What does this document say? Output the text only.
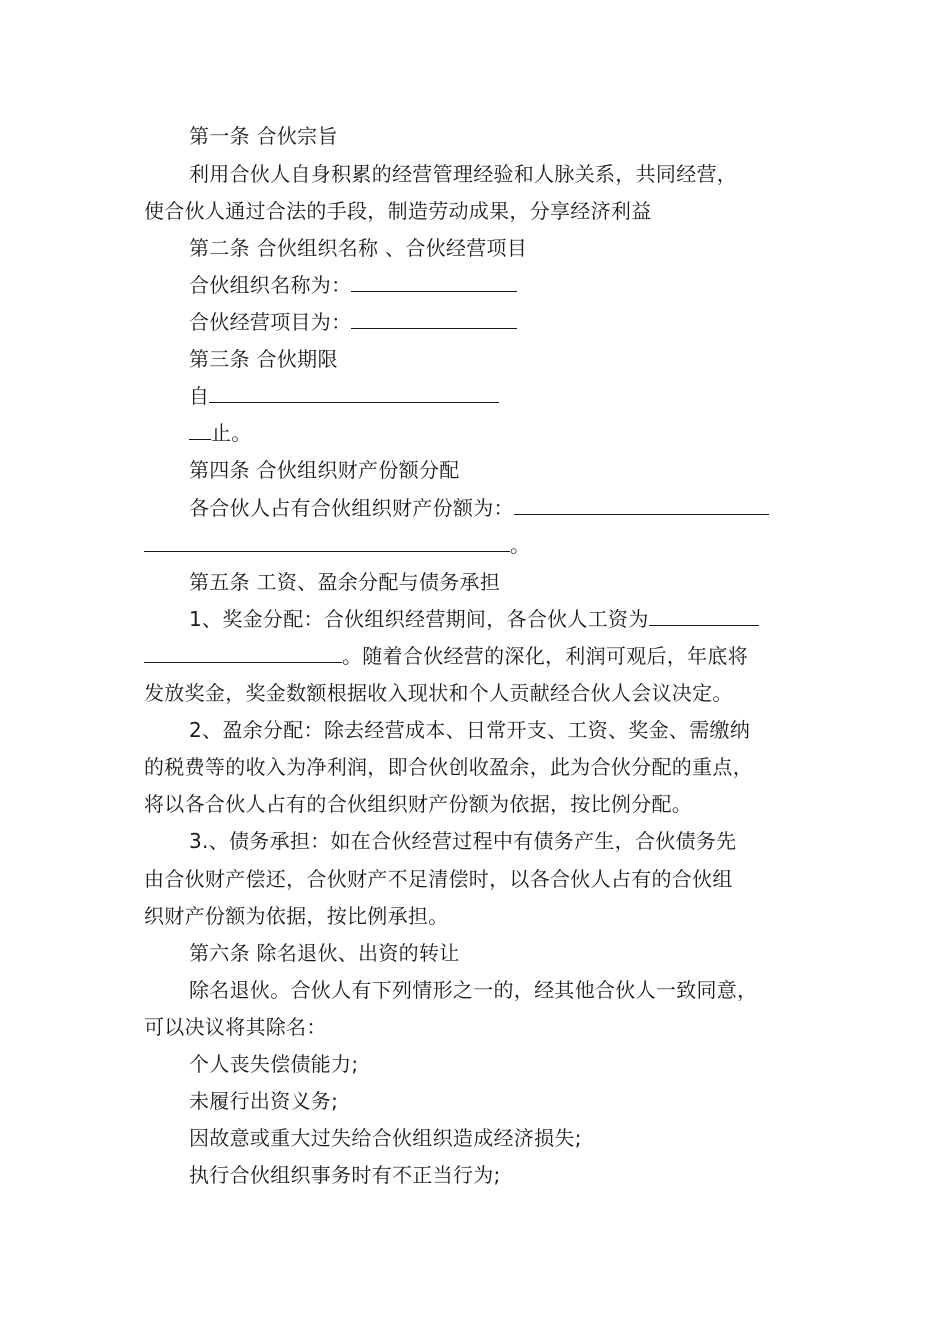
第一条 合伙宗旨
利用合伙人自身积累的经营管理经验和人脉关系，共同经营，
使合伙人通过合法的手段，制造劳动成果，分享经济利益
第二条 合伙组织名称 、合伙经营项目
合伙组织名称为：
合伙经营项目为：
第三条 合伙期限
自
止。
第四条 合伙组织财产份额分配
各合伙人占有合伙组织财产份额为：
。
第五条 工资、盈余分配与债务承担
1、奖金分配：合伙组织经营期间，各合伙人工资为
。随着合伙经营的深化，利润可观后，年底将
发放奖金，奖金数额根据收入现状和个人贡献经合伙人会议决定。
2、盈余分配：除去经营成本、日常开支、工资、奖金、需缴纳
的税费等的收入为净利润，即合伙创收盈余，此为合伙分配的重点，
将以各合伙人占有的合伙组织财产份额为依据，按比例分配。
3.、债务承担：如在合伙经营过程中有债务产生，合伙债务先
由合伙财产偿还，合伙财产不足清偿时，以各合伙人占有的合伙组
织财产份额为依据，按比例承担。
第六条 除名退伙、出资的转让
除名退伙。合伙人有下列情形之一的，经其他合伙人一致同意，
可以决议将其除名：
个人丧失偿债能力;
未履行出资义务;
因故意或重大过失给合伙组织造成经济损失;
执行合伙组织事务时有不正当行为;
